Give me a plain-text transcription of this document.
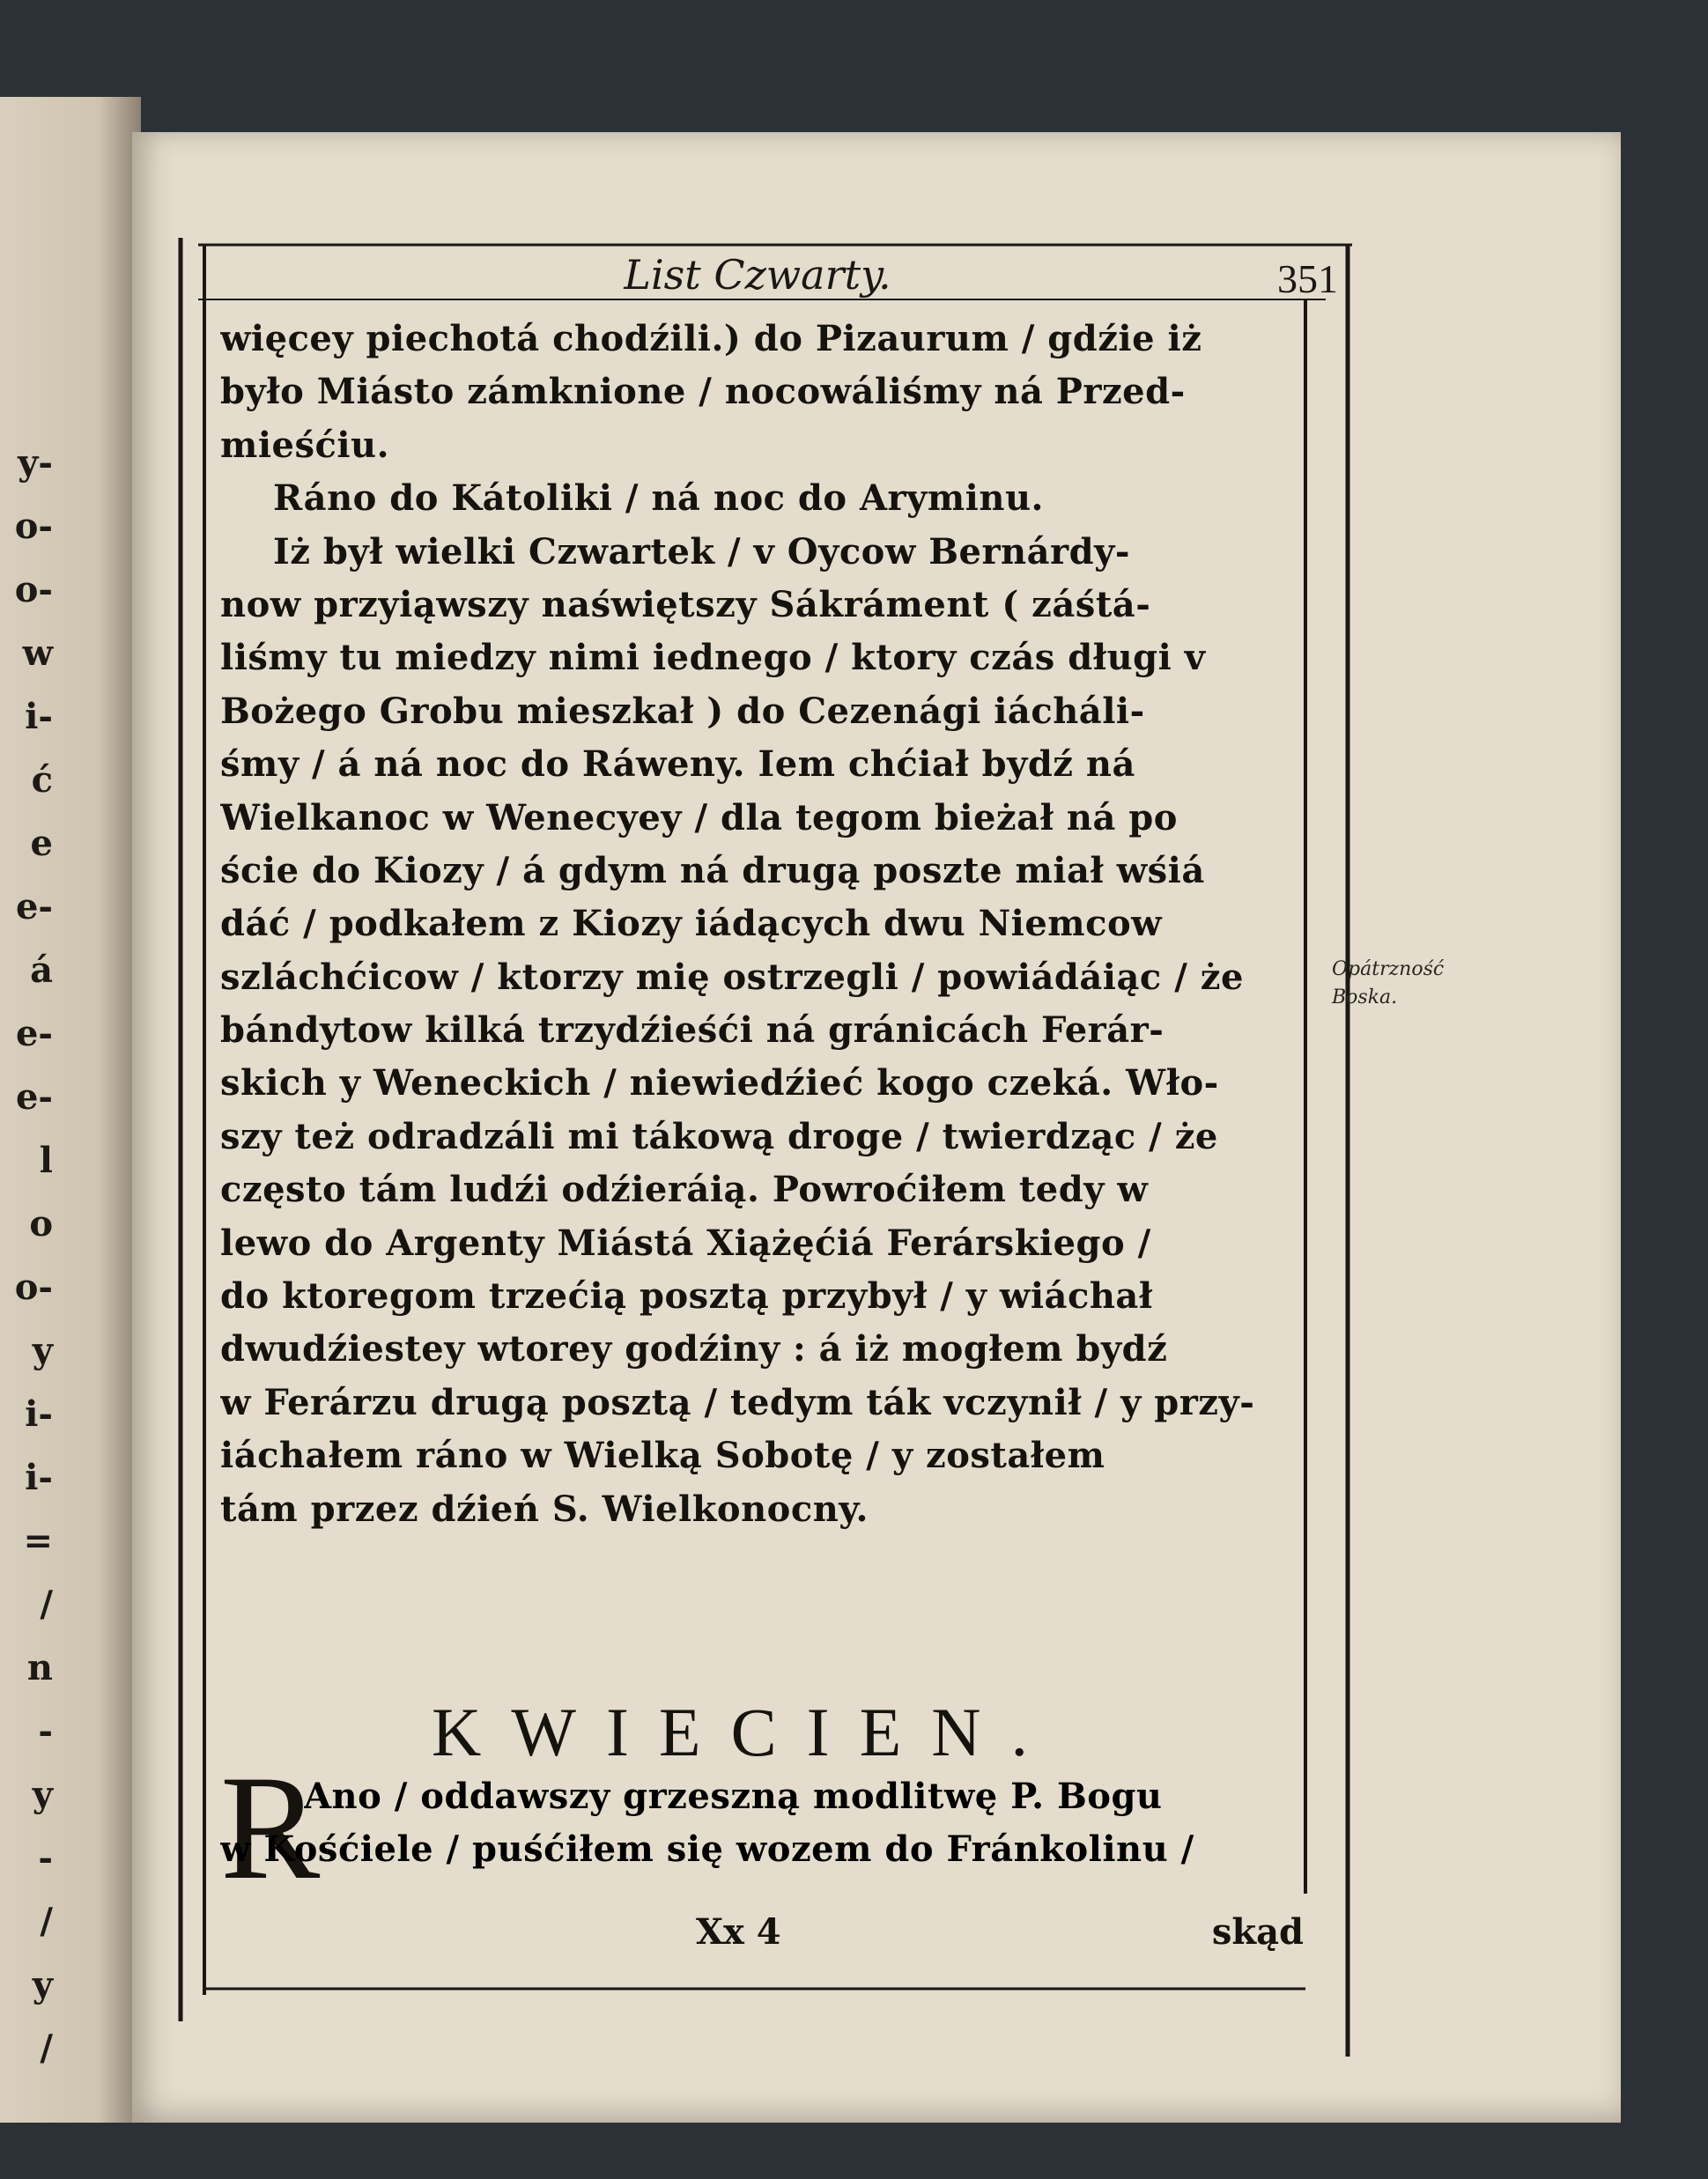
y-
o-
o-
w
i-
ć
e
e-
á
e-
e-
l
o
o-
y
i-
i-
=
/
n
-
y
-
/
y
/
List Czwarty.	351
więcey piechotá chodźili.) do Pizaurum / gdźie iż
było Miásto zámknione / nocowáliśmy ná Przed-
mieśćiu.
Ráno do Kátoliki / ná noc do Aryminu.
Iż był wielki Czwartek / v Oycow Bernárdy-
now przyiąwszy naświętszy Sákráment ( záśtá-
liśmy tu miedzy nimi iednego / ktory czás długi v
Bożego Grobu mieszkał ) do Cezenági iácháli-
śmy / á ná noc do Ráweny. Iem chćiał bydź ná
Wielkanoc w Wenecyey / dla tegom bieżał ná po
ście do Kiozy / á gdym ná drugą poszte miał wśiá
dáć / podkałem z Kiozy iádących dwu Niemcow
szláchćicow / ktorzy mię ostrzegli / powiádáiąc / że
bándytow kilká trzydźieśći ná gránicách Ferár-
skich y Weneckich / niewiedźieć kogo czeká. Wło-
szy też odradzáli mi tákową droge / twierdząc / że
często tám ludźi odźieráią. Powroćiłem tedy w
lewo do Argenty Miástá Xiążęćiá Ferárskiego /
do ktoregom trzećią posztą przybył / y wiáchał
dwudźiestey wtorey godźiny : á iż mogłem bydź
w Ferárzu drugą posztą / tedym ták vczynił / y przy-
iáchałem ráno w Wielką Sobotę / y zostałem
tám przez dźień S. Wielkonocny.
Opátrzność
Boska.
KWIECIEN.
R
Ano / oddawszy grzeszną modlitwę P. Bogu
w Kośćiele / puśćiłem się wozem do Fránkolinu /
Xx 4	skąd
